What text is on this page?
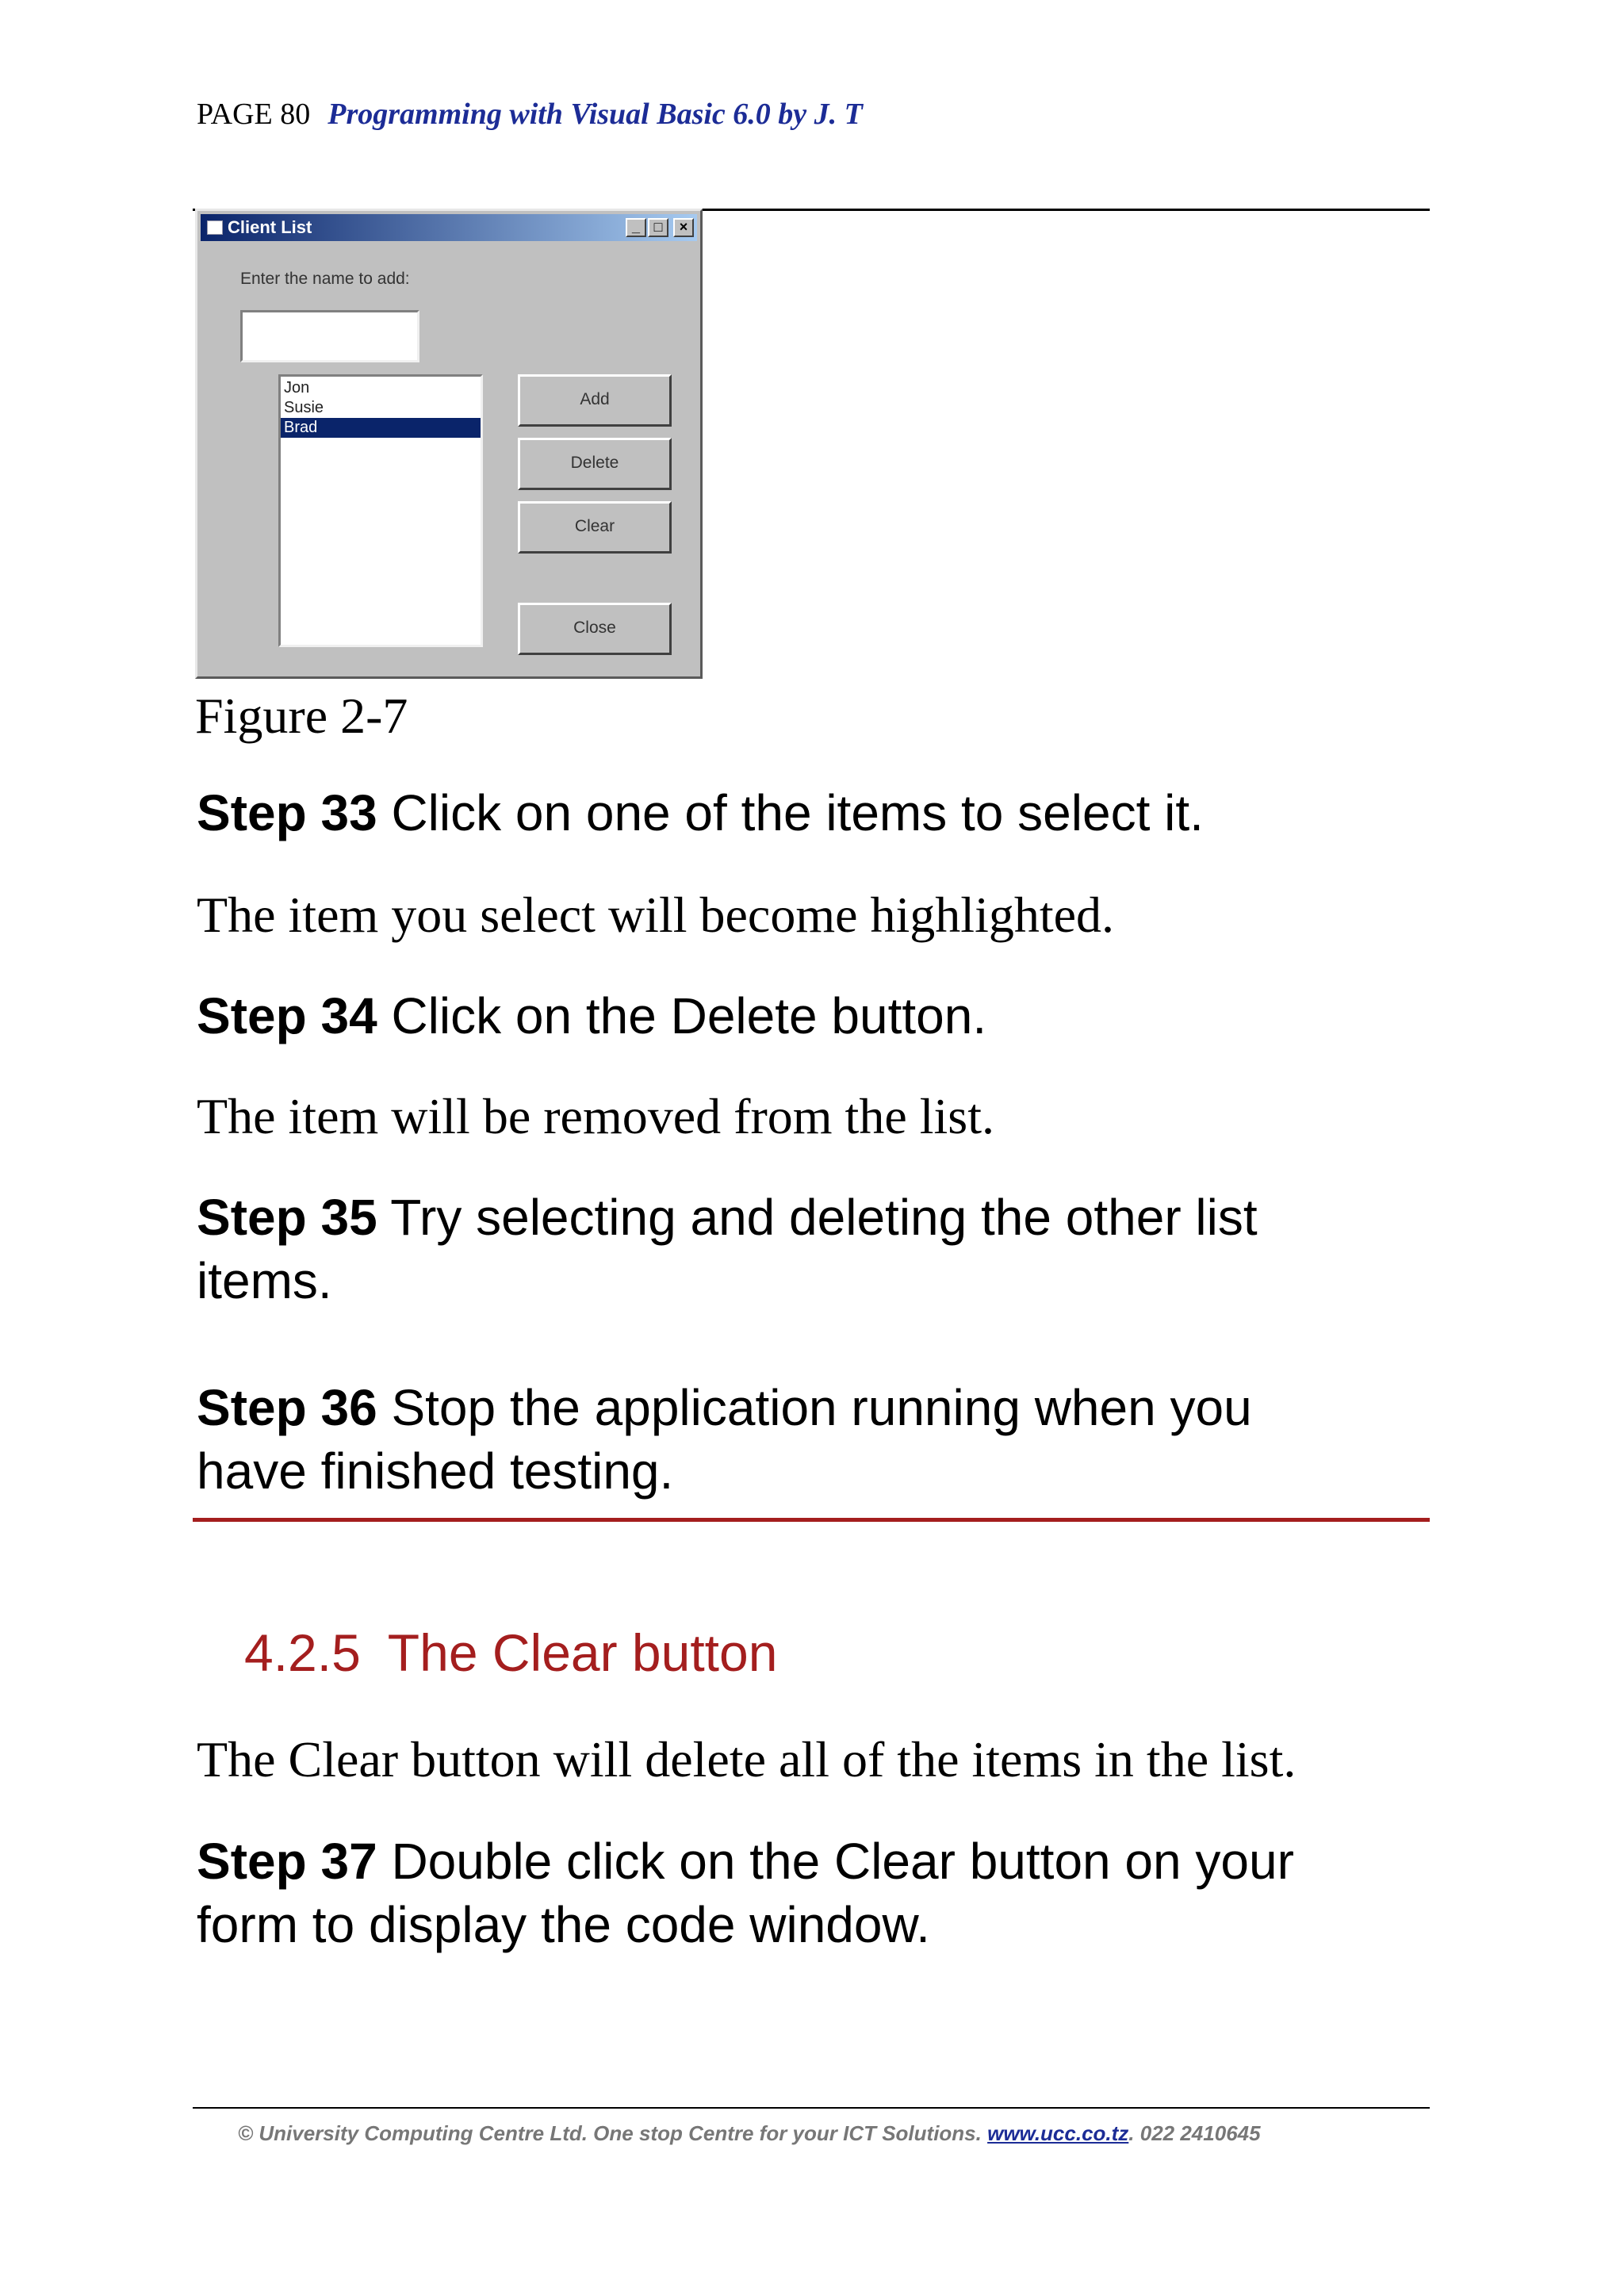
PAGE 80 Programming with Visual Basic 6.0 by J. T
Client List	_ □	×
Enter the name to add:
Jon
Susie
Brad
Add
Delete
Clear
Close
Figure 2-7
Step 33 Click on one of the items to select it.
The item you select will become highlighted.
Step 34 Click on the Delete button.
The item will be removed from the list.
Step 35 Try selecting and deleting the other list
items.
Step 36 Stop the application running when you
have finished testing.
4.2.5 The Clear button
The Clear button will delete all of the items in the list.
Step 37 Double click on the Clear button on your
form to display the code window.
© University Computing Centre Ltd. One stop Centre for your ICT Solutions. www.ucc.co.tz. 022 2410645
